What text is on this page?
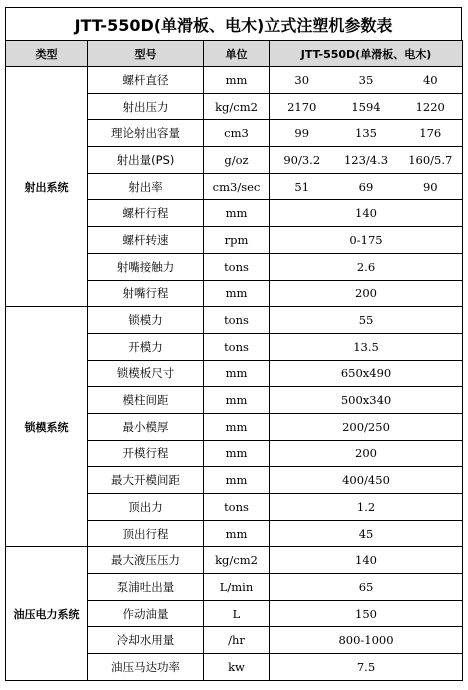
JTT-550D(单滑板、电木)立式注塑机参数表
类型	型号	单位	JTT-550D(单滑板、电木)		
射出系统	螺杆直径	mm	30	35	40
	射出压力	kg/cm2	2170	1594	1220
	理论射出容量	cm3	99	135	176
	射出量(PS)	g/oz	90/3.2	123/4.3	160/5.7
	射出率	cm3/sec	51	69	90
	螺杆行程	mm	140		
	螺杆转速	rpm	0-175		
	射嘴接触力	tons	2.6		
	射嘴行程	mm	200		
锁模系统	锁模力	tons	55		
	开模力	tons	13.5		
	锁模板尺寸	mm	650x490		
	模柱间距	mm	500x340		
	最小模厚	mm	200/250		
	开模行程	mm	200		
	最大开模间距	mm	400/450		
	顶出力	tons	1.2		
	顶出行程	mm	45		
油压电力系统	最大液压压力	kg/cm2	140		
	泵浦吐出量	L/min	65		
	作动油量	L	150		
	冷却水用量	/hr	800-1000		
	油压马达功率	kw	7.5		
